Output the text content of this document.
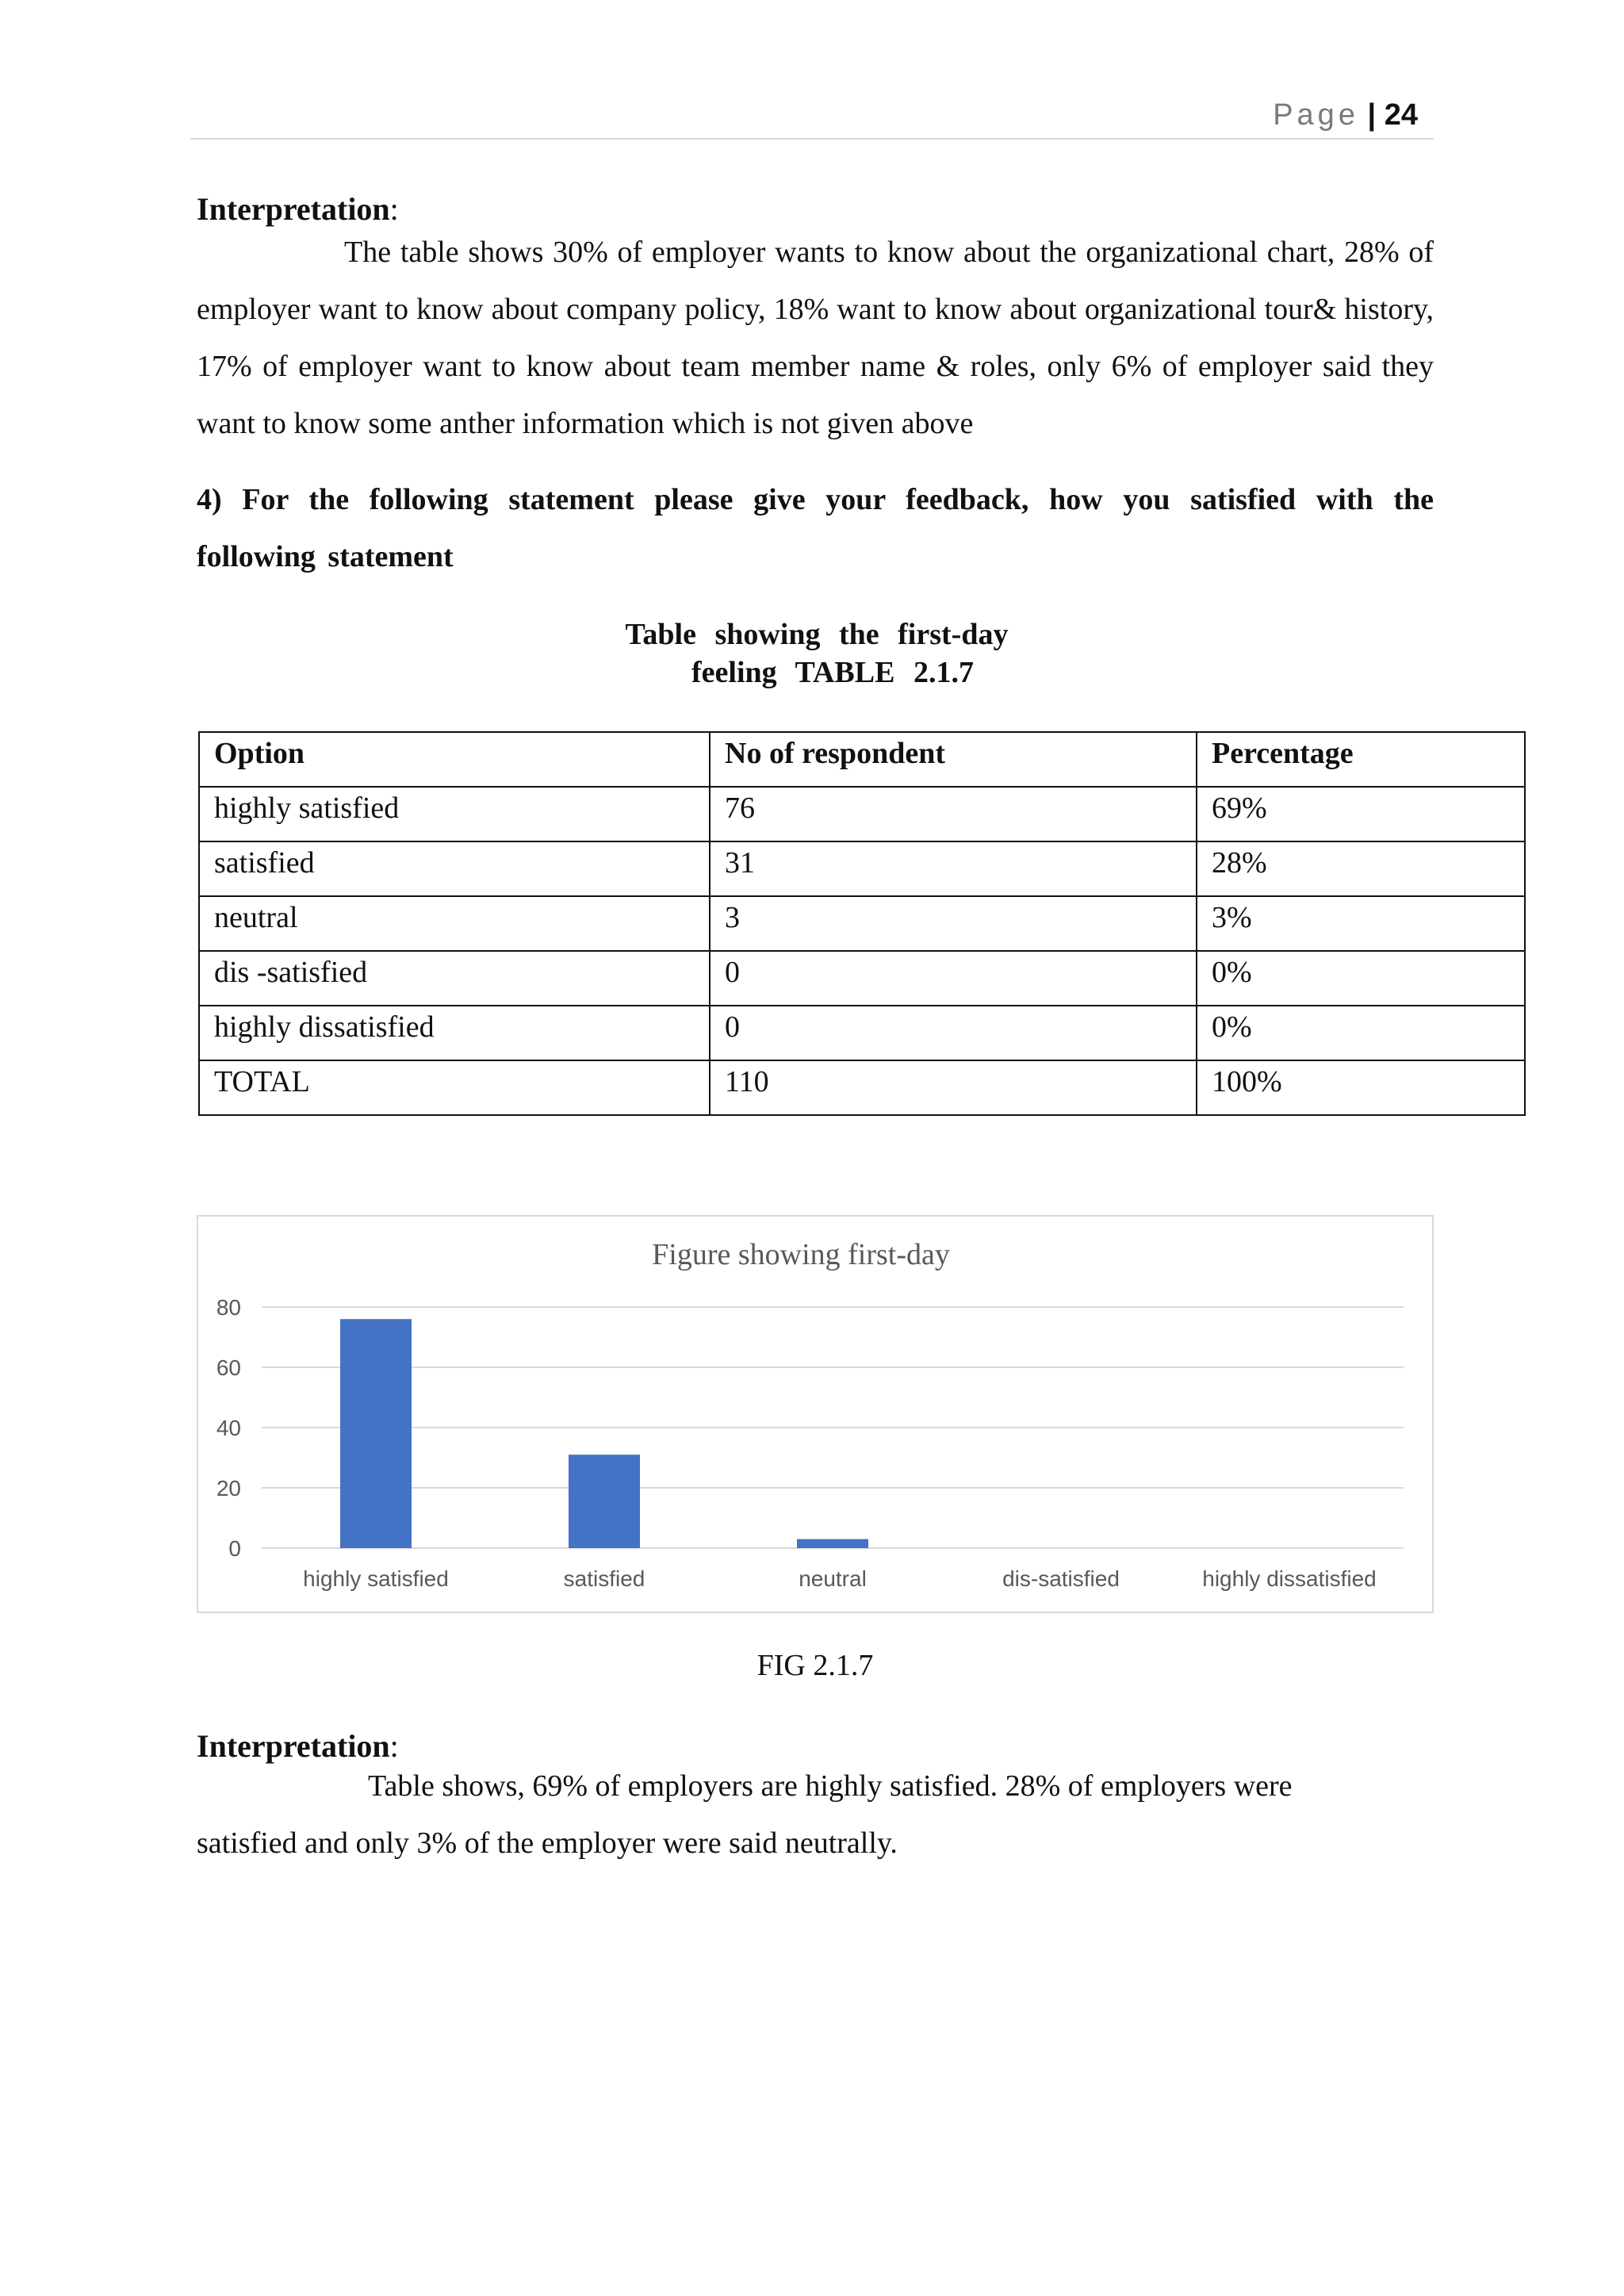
Page | 24
Interpretation:
The table shows 30% of employer wants to know about the organizational chart, 28% of employer want to know about company policy, 18% want to know about organizational tour& history, 17% of employer want to know about team member name & roles, only 6% of employer said they want to know some anther information which is not given above
4) For the following statement please give your feedback, how you satisfied with the following statement
Table showing the first-day
feeling TABLE 2.1.7
Option	No of respondent	Percentage
highly satisfied	76	69%
satisfied	31	28%
neutral	3	3%
dis -satisfied	0	0%
highly dissatisfied	0	0%
TOTAL	110	100%
Figure showing first-day
0
20
40
60
80
highly satisfied	satisfied	neutral	dis-satisfied	highly dissatisfied
FIG 2.1.7
Interpretation:
Table shows, 69% of employers are highly satisfied. 28% of employers were satisfied and only 3% of the employer were said neutrally.
